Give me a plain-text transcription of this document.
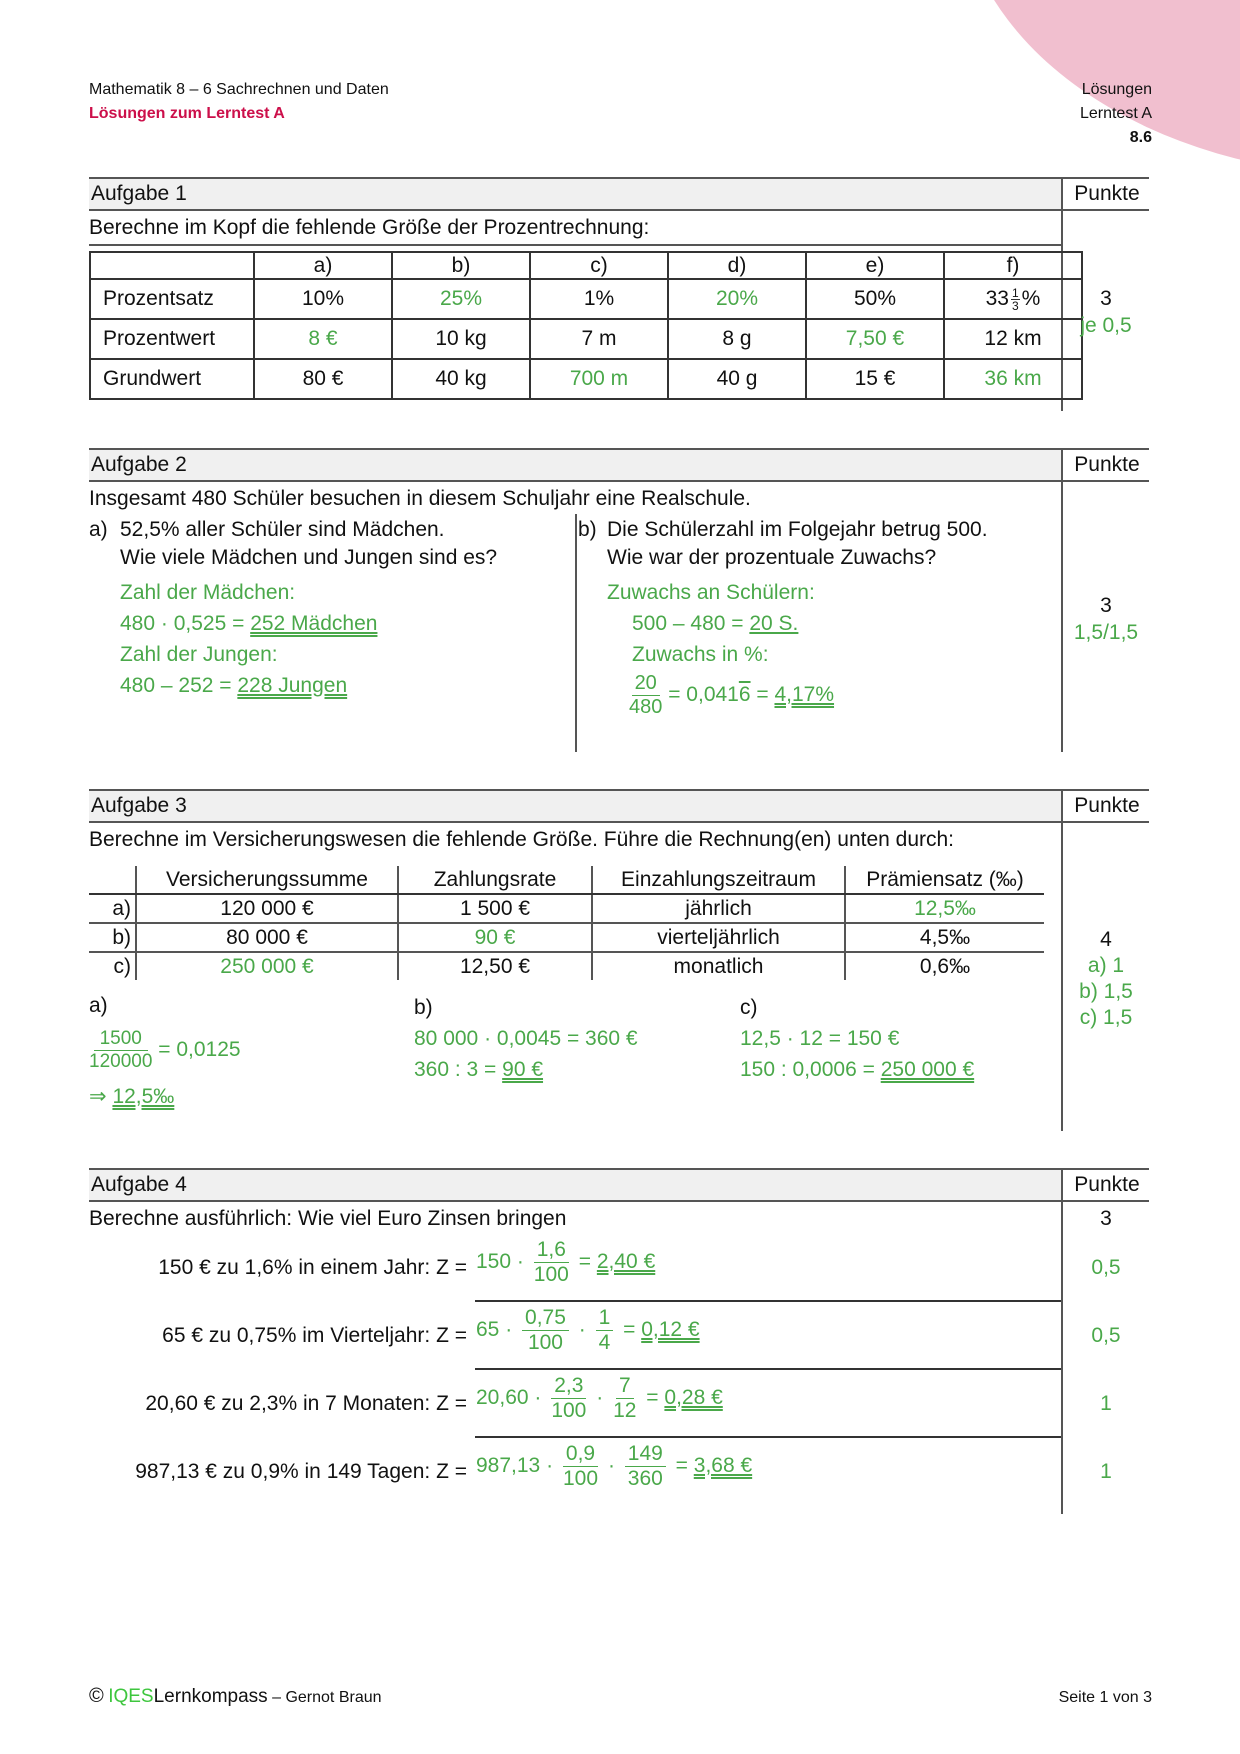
Mathematik 8 – 6 Sachrechnen und Daten
Lösungen zum Lerntest A
Lösungen
Lerntest A
8.6
Aufgabe 1	Punkte
Berechne im Kopf die fehlende Größe der Prozentrechnung:
	a)	b)	c)	d)	e)	f)
Prozentsatz	10%	25%	1%	20%	50%	$33 \frac{1}{3}$ %
Prozentwert	8 €	10 kg	7 m	8 g	7,50 €	12 km
Grundwert	80 €	40 kg	700 m	40 g	15 €	36 km
3
je 0,5
Aufgabe 2	Punkte
Insgesamt 480 Schüler besuchen in diesem Schuljahr eine Realschule.
a) 52,5% aller Schüler sind Mädchen.
Wie viele Mädchen und Jungen sind es?
Zahl der Mädchen:
480 · 0,525 = 252 Mädchen
Zahl der Jungen:
480 – 252 = 228 Jungen
b) Die Schülerzahl im Folgejahr betrug 500.
Wie war der prozentuale Zuwachs?
Zuwachs an Schülern:
500 – 480 = 20 S.
Zuwachs in %:
$\frac{20}{480} = 0,0416 = 4,17\%$
3
1,5/1,5
Aufgabe 3	Punkte
Berechne im Versicherungswesen die fehlende Größe. Führe die Rechnung(en) unten durch:
	Versicherungssumme	Zahlungsrate	Einzahlungszeitraum	Prämiensatz (‰)
a)	120 000 €	1 500 €	jährlich	12,5‰
b)	80 000 €	90 €	vierteljährlich	4,5‰
c)	250 000 €	12,50 €	monatlich	0,6‰
a)
$\frac{1500}{120000} = 0,0125$
⇒ 12,5‰
b)
80 000 · 0,0045 = 360 €
360 : 3 = 90 €
c)
12,5 · 12 = 150 €
150 : 0,0006 = 250 000 €
4
a) 1
b) 1,5
c) 1,5
Aufgabe 4	Punkte
Berechne ausführlich: Wie viel Euro Zinsen bringen	3
150 € zu 1,6% in einem Jahr: $Z = 150 \cdot \frac{1,6}{100} = 2,40$ €	0,5
65 € zu 0,75% im Vierteljahr: $Z = 65 \cdot \frac{0,75}{100} \cdot \frac{1}{4} = 0,12$ €	0,5
20,60 € zu 2,3% in 7 Monaten: $Z = 20,60 \cdot \frac{2,3}{100} \cdot \frac{7}{12} = 0,28$ €	1
987,13 € zu 0,9% in 149 Tagen: $Z = 987,13 \cdot \frac{0,9}{100} \cdot \frac{149}{360} = 3,68$ €	1
© IQESLernkompass – Gernot Braun	Seite 1 von 3
